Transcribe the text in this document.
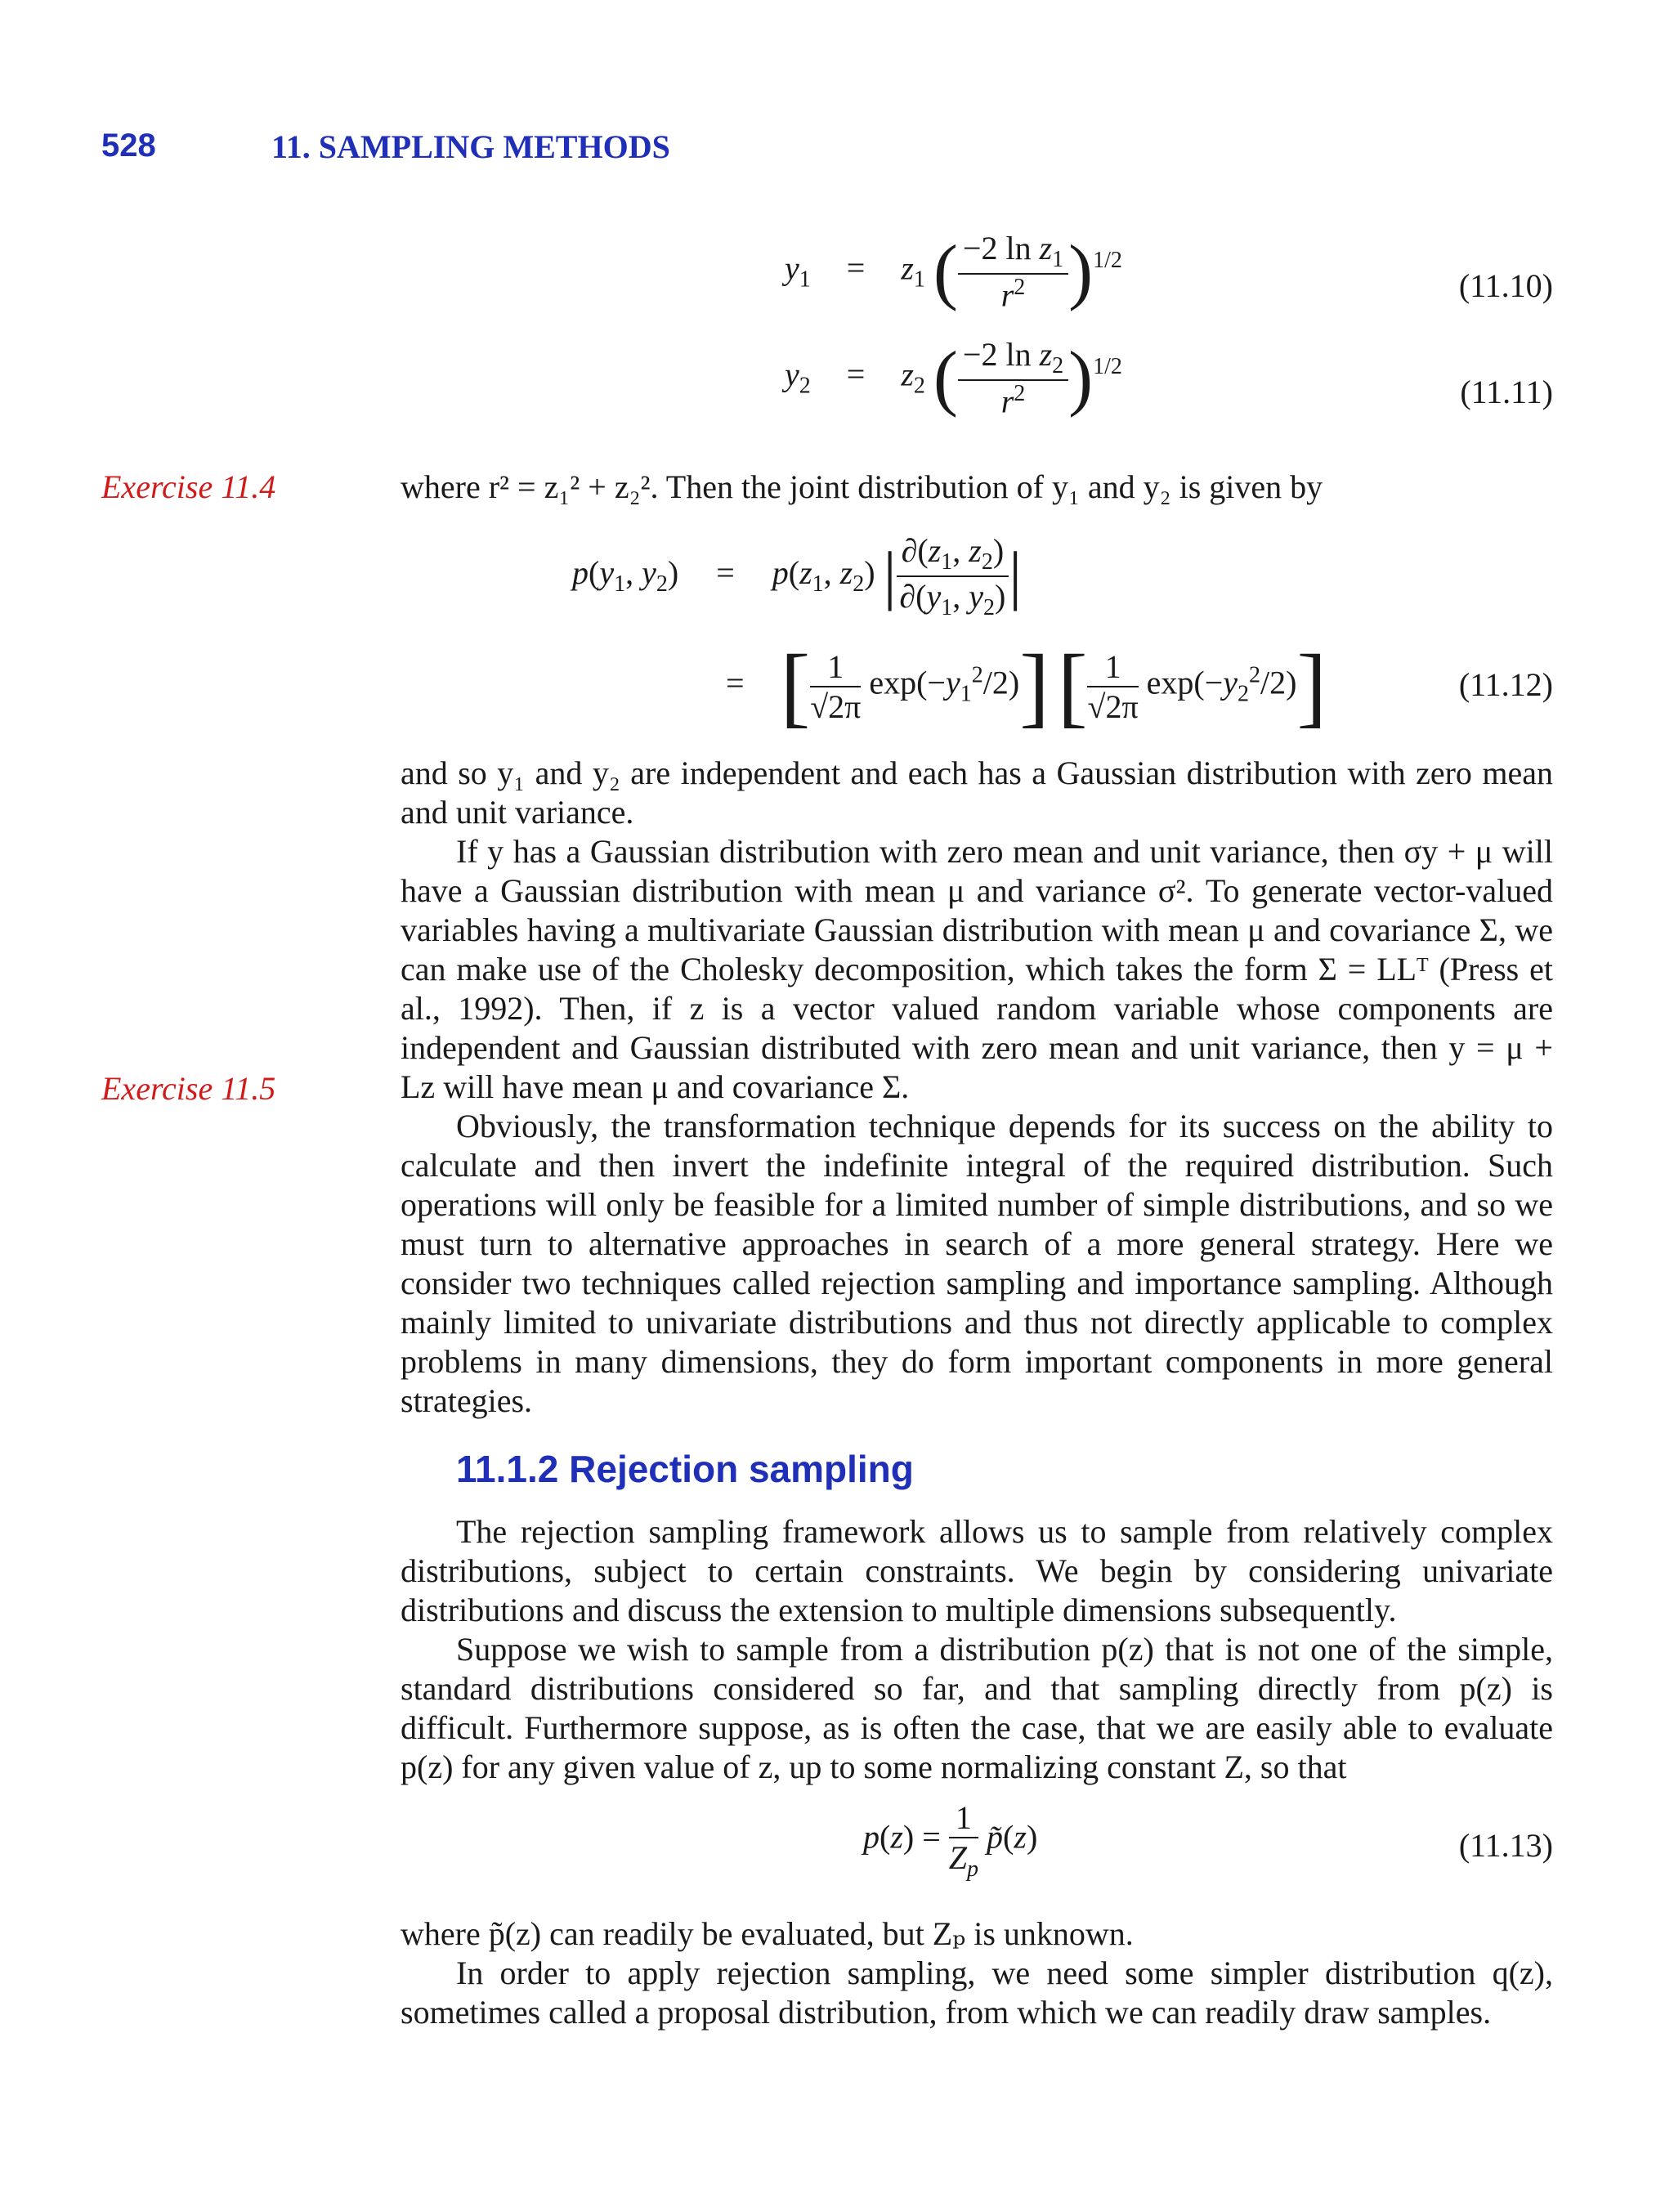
528	11. SAMPLING METHODS
$y_1 = z_1$ ( $\frac{-2 \ln z_1}{r^2} )^{1/2}$
(11.10)
$y_2 = z_2$ ( $\frac{-2 \ln z_2}{r^2} )^{1/2}$
(11.11)
Exercise 11.4	where r² = z₁² + z₂². Then the joint distribution of y₁ and y₂ is given by
$p(y_1$, $y_2) = p(z_1$, $z_2$) | $\frac{\partial(z_1, z_2)}{\partial(y_1, y_2)}$ |
= [ $\frac{1}{√2\pi} \exp(-y_1^2/2)$] [ $\frac{1}{√2\pi} \exp(-y_2^2/2)$]	(11.12)

and so y₁ and y₂ are independent and each has a Gaussian distribution with zero mean and unit variance.

If y has a Gaussian distribution with zero mean and unit variance, then σy + μ will have a Gaussian distribution with mean μ and variance σ². To generate vector-valued variables having a multivariate Gaussian distribution with mean μ and covariance Σ, we can make use of the Cholesky decomposition, which takes the form Σ = LLᵀ (Press et al., 1992). Then, if z is a vector valued random variable whose components are independent and Gaussian distributed with zero mean and unit variance, then y = μ + Lz will have mean μ and covariance Σ.

Obviously, the transformation technique depends for its success on the ability to calculate and then invert the indefinite integral of the required distribution. Such operations will only be feasible for a limited number of simple distributions, and so we must turn to alternative approaches in search of a more general strategy. Here we consider two techniques called rejection sampling and importance sampling. Although mainly limited to univariate distributions and thus not directly applicable to complex problems in many dimensions, they do form important components in more general strategies.

Exercise 11.5
11.1.2 Rejection sampling

The rejection sampling framework allows us to sample from relatively complex distributions, subject to certain constraints. We begin by considering univariate distributions and discuss the extension to multiple dimensions subsequently.

Suppose we wish to sample from a distribution p(z) that is not one of the simple, standard distributions considered so far, and that sampling directly from p(z) is difficult. Furthermore suppose, as is often the case, that we are easily able to evaluate p(z) for any given value of z, up to some normalizing constant Z, so that

$p(z) = \frac{1}{Z_p}$ p̃(z)	(11.13)

where p̃(z) can readily be evaluated, but Zₚ is unknown.

In order to apply rejection sampling, we need some simpler distribution q(z), sometimes called a proposal distribution, from which we can readily draw samples.
